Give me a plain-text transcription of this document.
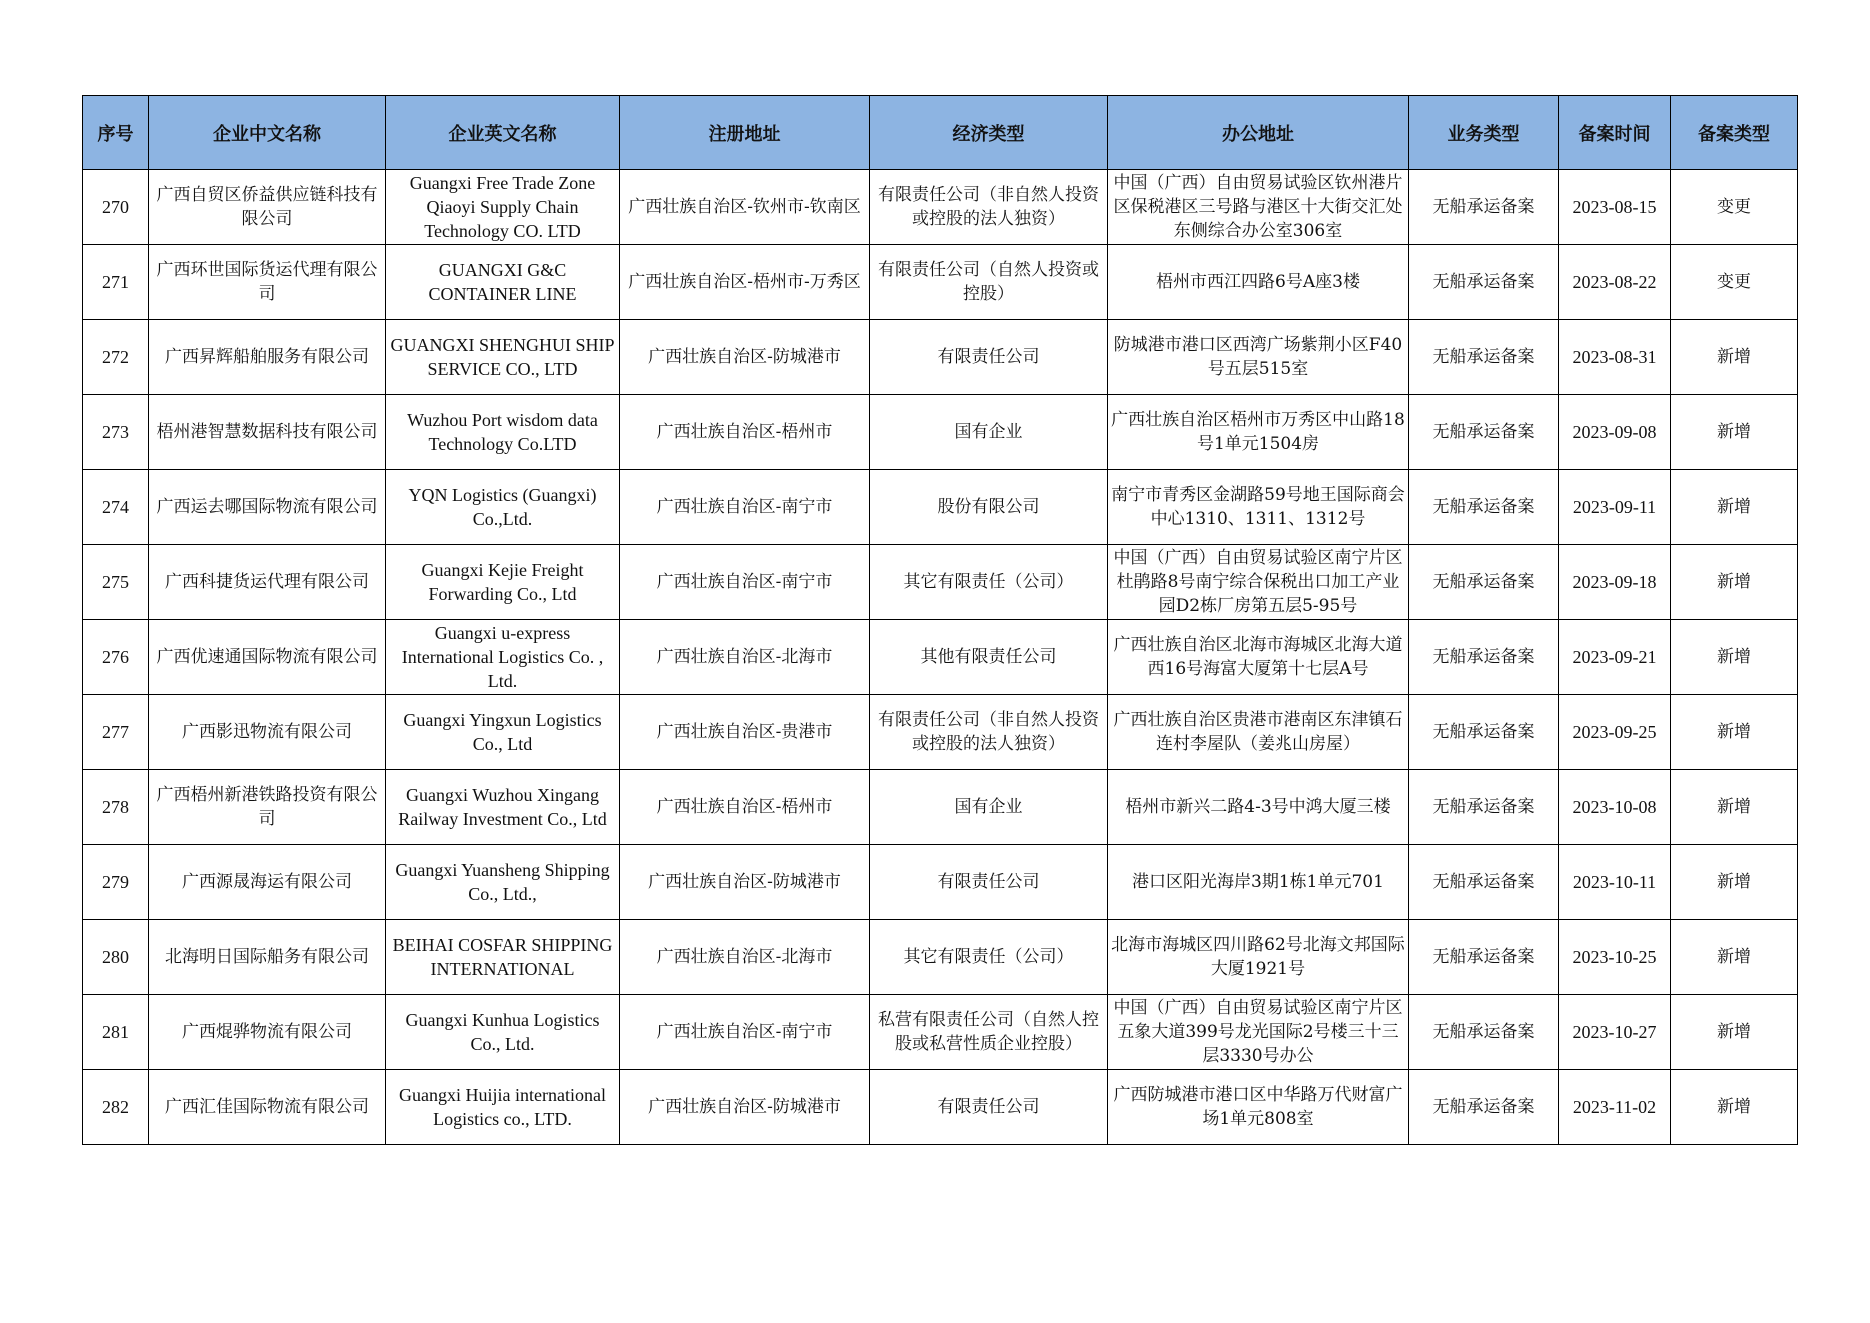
序号	企业中文名称	企业英文名称	注册地址	经济类型	办公地址	业务类型	备案时间	备案类型
270	广西自贸区侨益供应链科技有限公司	Guangxi Free Trade Zone Qiaoyi Supply Chain Technology CO. LTD	广西壮族自治区-钦州市-钦南区	有限责任公司（非自然人投资或控股的法人独资）	中国（广西）自由贸易试验区钦州港片区保税港区三号路与港区十大街交汇处东侧综合办公室306室	无船承运备案	2023-08-15	变更
271	广西环世国际货运代理有限公司	GUANGXI G&C CONTAINER LINE	广西壮族自治区-梧州市-万秀区	有限责任公司（自然人投资或控股）	梧州市西江四路6号A座3楼	无船承运备案	2023-08-22	变更
272	广西昇辉船舶服务有限公司	GUANGXI SHENGHUI SHIP SERVICE CO., LTD	广西壮族自治区-防城港市	有限责任公司	防城港市港口区西湾广场紫荆小区F40号五层515室	无船承运备案	2023-08-31	新增
273	梧州港智慧数据科技有限公司	Wuzhou Port wisdom data Technology Co.LTD	广西壮族自治区-梧州市	国有企业	广西壮族自治区梧州市万秀区中山路18号1单元1504房	无船承运备案	2023-09-08	新增
274	广西运去哪国际物流有限公司	YQN Logistics (Guangxi) Co.,Ltd.	广西壮族自治区-南宁市	股份有限公司	南宁市青秀区金湖路59号地王国际商会中心1310、1311、1312号	无船承运备案	2023-09-11	新增
275	广西科捷货运代理有限公司	Guangxi Kejie Freight Forwarding Co., Ltd	广西壮族自治区-南宁市	其它有限责任（公司）	中国（广西）自由贸易试验区南宁片区杜鹃路8号南宁综合保税出口加工产业园D2栋厂房第五层5-95号	无船承运备案	2023-09-18	新增
276	广西优速通国际物流有限公司	Guangxi u-express International Logistics Co. , Ltd.	广西壮族自治区-北海市	其他有限责任公司	广西壮族自治区北海市海城区北海大道西16号海富大厦第十七层A号	无船承运备案	2023-09-21	新增
277	广西影迅物流有限公司	Guangxi Yingxun Logistics Co., Ltd	广西壮族自治区-贵港市	有限责任公司（非自然人投资或控股的法人独资）	广西壮族自治区贵港市港南区东津镇石连村李屋队（姜兆山房屋）	无船承运备案	2023-09-25	新增
278	广西梧州新港铁路投资有限公司	Guangxi Wuzhou Xingang Railway Investment Co., Ltd	广西壮族自治区-梧州市	国有企业	梧州市新兴二路4-3号中鸿大厦三楼	无船承运备案	2023-10-08	新增
279	广西源晟海运有限公司	Guangxi Yuansheng Shipping Co., Ltd.,	广西壮族自治区-防城港市	有限责任公司	港口区阳光海岸3期1栋1单元701	无船承运备案	2023-10-11	新增
280	北海明日国际船务有限公司	BEIHAI COSFAR SHIPPING INTERNATIONAL	广西壮族自治区-北海市	其它有限责任（公司）	北海市海城区四川路62号北海文邦国际大厦1921号	无船承运备案	2023-10-25	新增
281	广西焜骅物流有限公司	Guangxi Kunhua Logistics Co., Ltd.	广西壮族自治区-南宁市	私营有限责任公司（自然人控股或私营性质企业控股）	中国（广西）自由贸易试验区南宁片区五象大道399号龙光国际2号楼三十三层3330号办公	无船承运备案	2023-10-27	新增
282	广西汇佳国际物流有限公司	Guangxi Huijia international Logistics co., LTD.	广西壮族自治区-防城港市	有限责任公司	广西防城港市港口区中华路万代财富广场1单元808室	无船承运备案	2023-11-02	新增
